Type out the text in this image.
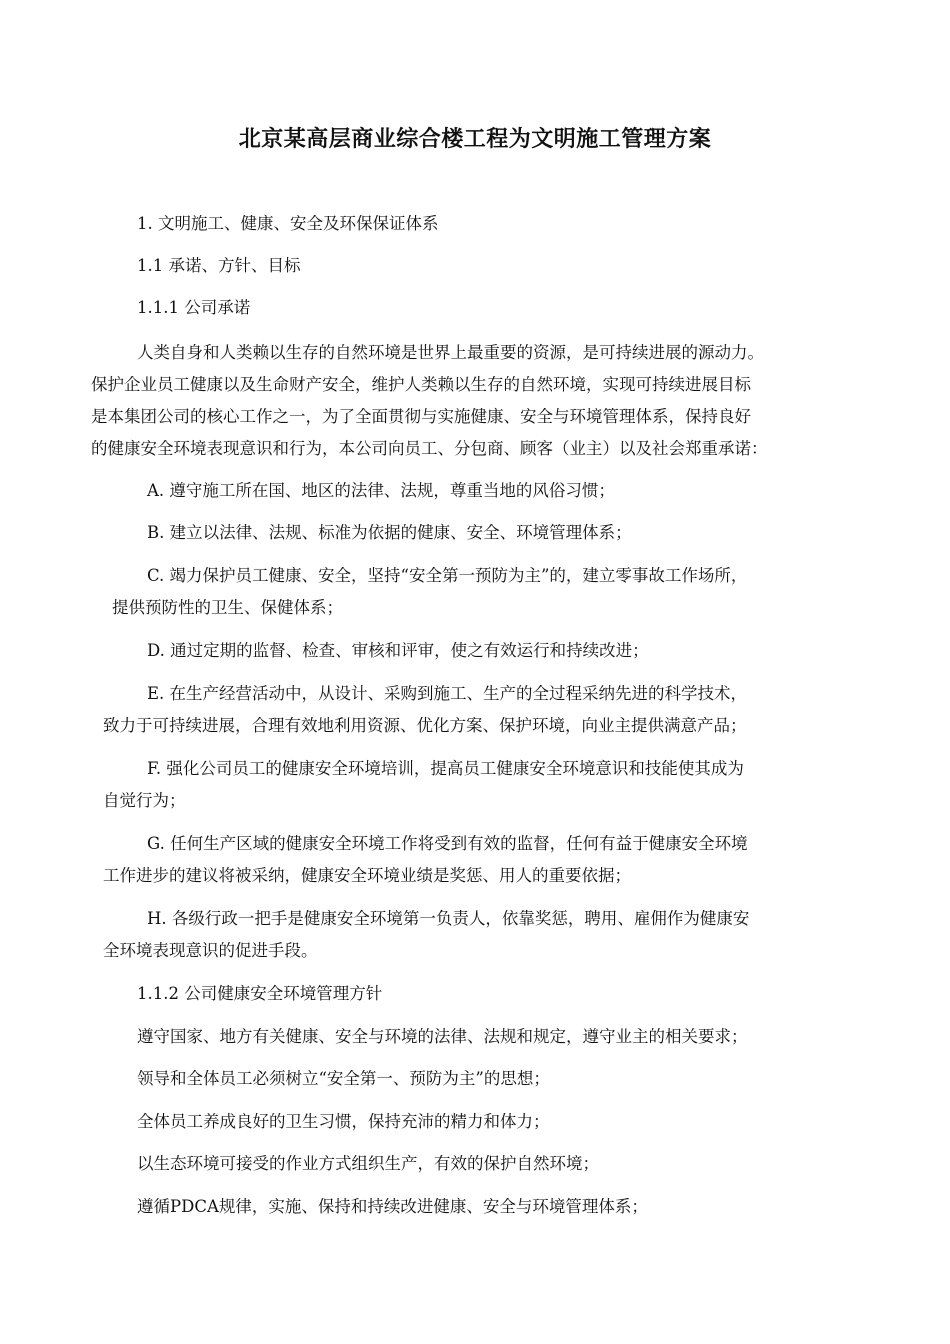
北京某高层商业综合楼工程为文明施工管理方案
1. 文明施工、健康、安全及环保保证体系
1.1 承诺、方针、目标
1.1.1 公司承诺
人类自身和人类赖以生存的自然环境是世界上最重要的资源，是可持续进展的源动力。
保护企业员工健康以及生命财产安全，维护人类赖以生存的自然环境，实现可持续进展目标
是本集团公司的核心工作之一，为了全面贯彻与实施健康、安全与环境管理体系，保持良好
的健康安全环境表现意识和行为，本公司向员工、分包商、顾客（业主）以及社会郑重承诺：
A. 遵守施工所在国、地区的法律、法规，尊重当地的风俗习惯；
B. 建立以法律、法规、标准为依据的健康、安全、环境管理体系；
C. 竭力保护员工健康、安全，坚持“安全第一预防为主”的，建立零事故工作场所，
提供预防性的卫生、保健体系；
D. 通过定期的监督、检查、审核和评审，使之有效运行和持续改进；
E. 在生产经营活动中，从设计、采购到施工、生产的全过程采纳先进的科学技术，
致力于可持续进展，合理有效地利用资源、优化方案、保护环境，向业主提供满意产品；
F. 强化公司员工的健康安全环境培训，提高员工健康安全环境意识和技能使其成为
自觉行为；
G. 任何生产区域的健康安全环境工作将受到有效的监督，任何有益于健康安全环境
工作进步的建议将被采纳，健康安全环境业绩是奖惩、用人的重要依据；
H. 各级行政一把手是健康安全环境第一负责人，依靠奖惩，聘用、雇佣作为健康安
全环境表现意识的促进手段。
1.1.2 公司健康安全环境管理方针
遵守国家、地方有关健康、安全与环境的法律、法规和规定，遵守业主的相关要求；
领导和全体员工必须树立“安全第一、预防为主”的思想；
全体员工养成良好的卫生习惯，保持充沛的精力和体力；
以生态环境可接受的作业方式组织生产，有效的保护自然环境；
遵循PDCA规律，实施、保持和持续改进健康、安全与环境管理体系；
